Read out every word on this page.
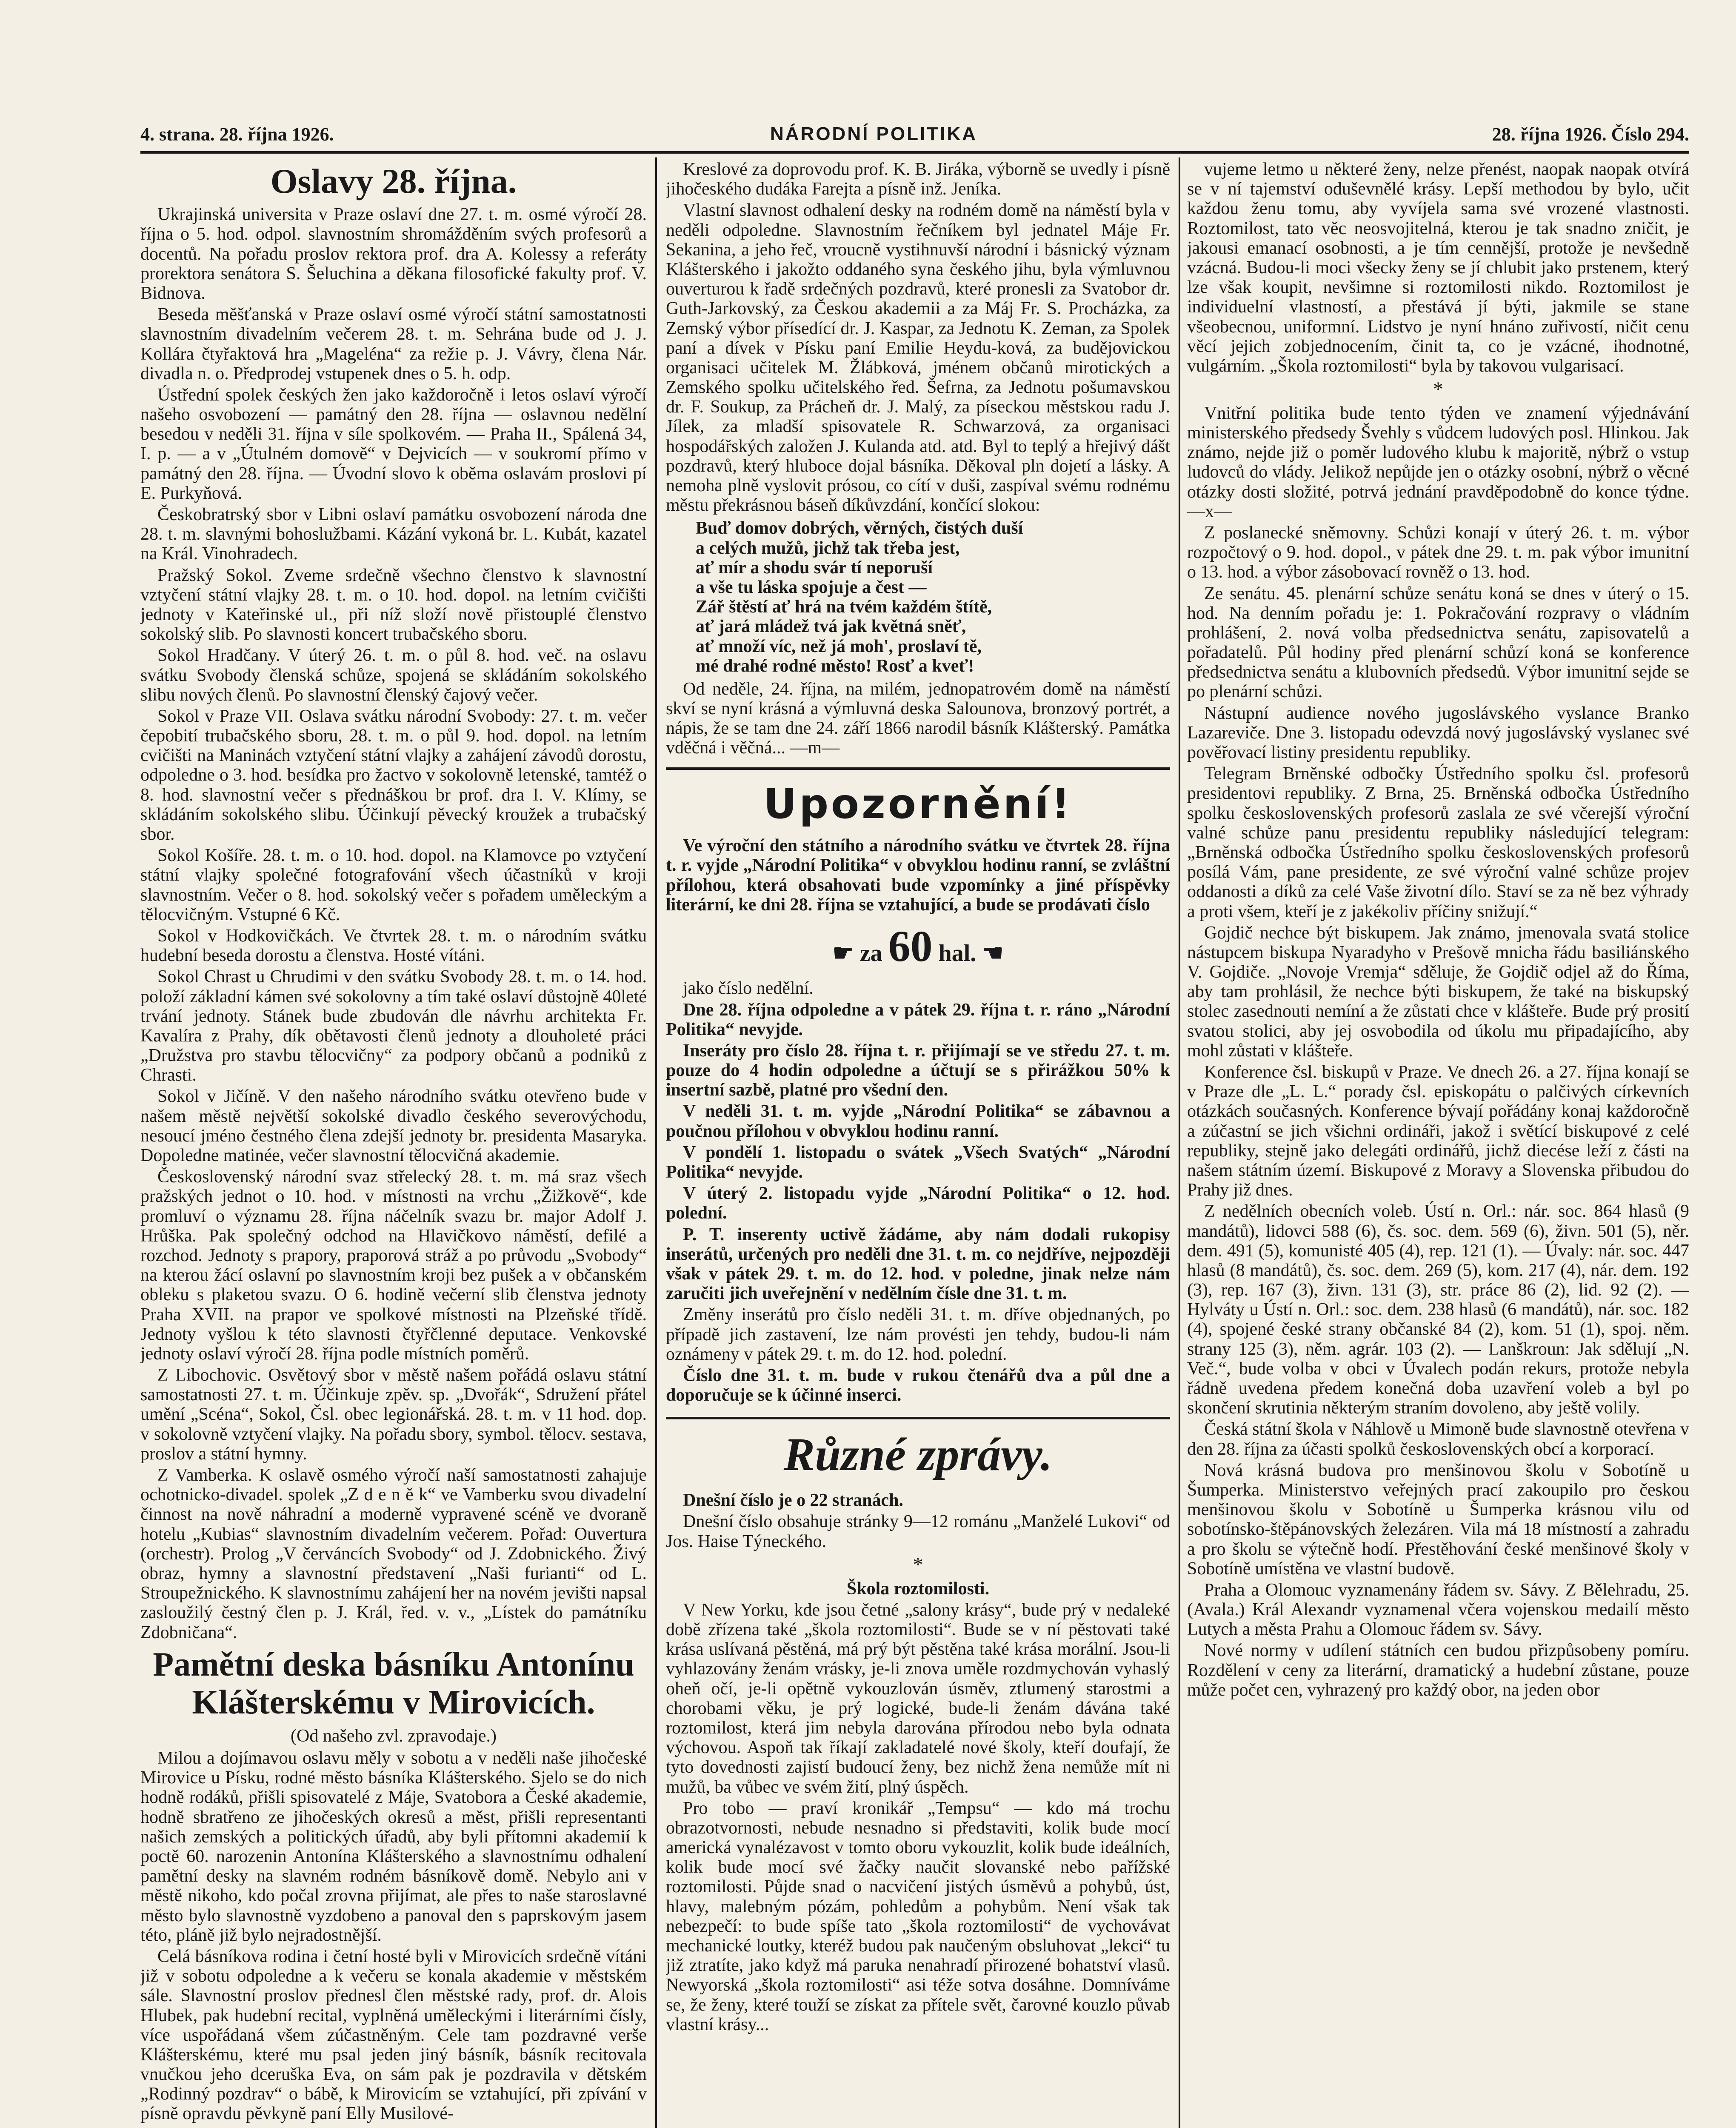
4. strana. 28. října 1926.	NÁRODNÍ POLITIKA	28. října 1926. Číslo 294.
Oslavy 28. října.

Ukrajinská universita v Praze oslaví dne 27. t. m. osmé výročí 28. října o 5. hod. odpol. slavnostním shromážděním svých profesorů a docentů. Na pořadu proslov rektora prof. dra A. Kolessy a referáty prorektora senátora S. Šeluchina a děkana filosofické fakulty prof. V. Bidnova.

Beseda měšťanská v Praze oslaví osmé výročí státní samostatnosti slavnostním divadelním večerem 28. t. m. Sehrána bude od J. J. Kollára čtyřaktová hra „Mageléna“ za režie p. J. Vávry, člena Nár. divadla n. o. Předprodej vstupenek dnes o 5. h. odp.

Ústřední spolek českých žen jako každoročně i letos oslaví výročí našeho osvobození — památný den 28. října — oslavnou nedělní besedou v neděli 31. října v síle spolkovém. — Praha II., Spálená 34, I. p. — a v „Útulném domově“ v Dejvicích — v soukromí přímo v památný den 28. října. — Úvodní slovo k oběma oslavám proslovi pí E. Purkyňová.

Českobratrský sbor v Libni oslaví památku osvobození národa dne 28. t. m. slavnými bohoslužbami. Kázání vykoná br. L. Kubát, kazatel na Král. Vinohradech.

Pražský Sokol. Zveme srdečně všechno členstvo k slavnostní vztyčení státní vlajky 28. t. m. o 10. hod. dopol. na letním cvičišti jednoty v Kateřinské ul., při níž složí nově přistouplé členstvo sokolský slib. Po slavnosti koncert trubačského sboru.

Sokol Hradčany. V úterý 26. t. m. o půl 8. hod. več. na oslavu svátku Svobody členská schůze, spojená se skládáním sokolského slibu nových členů. Po slavnostní členský čajový večer.

Sokol v Praze VII. Oslava svátku národní Svobody: 27. t. m. večer čepobití trubačského sboru, 28. t. m. o půl 9. hod. dopol. na letním cvičišti na Maninách vztyčení státní vlajky a zahájení závodů dorostu, odpoledne o 3. hod. besídka pro žactvo v sokolovně letenské, tamtéž o 8. hod. slavnostní večer s přednáškou br prof. dra I. V. Klímy, se skládáním sokolského slibu. Účinkují pěvecký kroužek a trubačský sbor.

Sokol Košíře. 28. t. m. o 10. hod. dopol. na Klamovce po vztyčení státní vlajky společné fotografování všech účastníků v kroji slavnostním. Večer o 8. hod. sokolský večer s pořadem uměleckým a tělocvičným. Vstupné 6 Kč.

Sokol v Hodkovičkách. Ve čtvrtek 28. t. m. o národním svátku hudební beseda dorostu a členstva. Hosté vítáni.

Sokol Chrast u Chrudimi v den svátku Svobody 28. t. m. o 14. hod. položí základní kámen své sokolovny a tím také oslaví důstojně 40leté trvání jednoty. Stánek bude zbudován dle návrhu architekta Fr. Kavalíra z Prahy, dík obětavosti členů jednoty a dlouholeté práci „Družstva pro stavbu tělocvičny“ za podpory občanů a podniků z Chrasti.

Sokol v Jičíně. V den našeho národního svátku otevřeno bude v našem městě největší sokolské divadlo českého severovýchodu, nesoucí jméno čestného člena zdejší jednoty br. presidenta Masaryka. Dopoledne matinée, večer slavnostní tělocvičná akademie.

Československý národní svaz střelecký 28. t. m. má sraz všech pražských jednot o 10. hod. v místnosti na vrchu „Žižkově“, kde promluví o významu 28. října náčelník svazu br. major Adolf J. Hrůška. Pak společný odchod na Hlavičkovo náměstí, defilé a rozchod. Jednoty s prapory, praporová stráž a po průvodu „Svobody“ na kterou žácí oslavní po slavnostním kroji bez pušek a v občanském obleku s plaketou svazu. O 6. hodině večerní slib členstva jednoty Praha XVII. na prapor ve spolkové místnosti na Plzeňské třídě. Jednoty vyšlou k této slavnosti čtyřčlenné deputace. Venkovské jednoty oslaví výročí 28. října podle místních poměrů.

Z Libochovic. Osvětový sbor v městě našem pořádá oslavu státní samostatnosti 27. t. m. Účinkuje zpěv. sp. „Dvořák“, Sdružení přátel umění „Scéna“, Sokol, Čsl. obec legionářská. 28. t. m. v 11 hod. dop. v sokolovně vztyčení vlajky. Na pořadu sbory, symbol. tělocv. sestava, proslov a státní hymny.

Z Vamberka. K oslavě osmého výročí naší samostatnosti zahajuje ochotnicko-divadel. spolek „Z d e n ě k“ ve Vamberku svou divadelní činnost na nově náhradní a moderně vypravené scéně ve dvoraně hotelu „Kubias“ slavnostním divadelním večerem. Pořad: Ouvertura (orchestr). Prolog „V červáncích Svobody“ od J. Zdobnického. Živý obraz, hymny a slavnostní představení „Naši furianti“ od L. Stroupežnického. K slavnostnímu zahájení her na novém jevišti napsal zasloužilý čestný člen p. J. Král, řed. v. v., „Lístek do památníku Zdobničana“.

Pamětní deska básníku Antonínu Klášterskému v Mirovicích.
(Od našeho zvl. zpravodaje.)

Milou a dojímavou oslavu měly v sobotu a v neděli naše jihočeské Mirovice u Písku, rodné město básníka Klášterského. Sjelo se do nich hodně rodáků, přišli spisovatelé z Máje, Svatobora a České akademie, hodně sbratřeno ze jihočeských okresů a měst, přišli representanti našich zemských a politických úřadů, aby byli přítomni akademií k poctě 60. narozenin Antonína Klášterského a slavnostnímu odhalení pamětní desky na slavném rodném básníkově domě. Nebylo ani v městě nikoho, kdo počal zrovna přijímat, ale přes to naše staroslavné město bylo slavnostně vyzdobeno a panoval den s paprskovým jasem této, pláně již bylo nejradostnější.

Celá básníkova rodina i četní hosté byli v Mirovicích srdečně vítáni již v sobotu odpoledne a k večeru se konala akademie v městském sále. Slavnostní proslov přednesl člen městské rady, prof. dr. Alois Hlubek, pak hudební recital, vyplněná uměleckými i literárními čísly, více uspořádaná všem zúčastněným. Cele tam pozdravné verše Klášterskému, které mu psal jeden jiný básník, básník recitovala vnučkou jeho dceruška Eva, on sám pak je pozdravila v dětském „Rodinný pozdrav“ o bábě, k Mirovicím se vztahující, při zpívání v písně opravdu pěvkyně paní Elly Musilové-

Kreslové za doprovodu prof. K. B. Jiráka, výborně se uvedly i písně jihočeského dudáka Farejta a písně inž. Jeníka.

Vlastní slavnost odhalení desky na rodném domě na náměstí byla v neděli odpoledne. Slavnostním řečníkem byl jednatel Máje Fr. Sekanina, a jeho řeč, vroucně vystihnuvší národní i básnický význam Klášterského i jakožto oddaného syna českého jihu, byla výmluvnou ouverturou k řadě srdečných pozdravů, které pronesli za Svatobor dr. Guth-Jarkovský, za Českou akademii a za Máj Fr. S. Procházka, za Zemský výbor přísedící dr. J. Kaspar, za Jednotu K. Zeman, za Spolek paní a dívek v Písku paní Emilie Heydu-ková, za budějovickou organisaci učitelek M. Žlábková, jménem občanů mirotických a Zemského spolku učitelského řed. Šefrna, za Jednotu pošumavskou dr. F. Soukup, za Prácheň dr. J. Malý, za píseckou městskou radu J. Jílek, za mladší spisovatele R. Schwarzová, za organisaci hospodářských založen J. Kulanda atd. atd. Byl to teplý a hřejivý dášt pozdravů, který hluboce dojal básníka. Děkoval pln dojetí a lásky. A nemoha plně vyslovit prósou, co cítí v duši, zaspíval svému rodnému městu překrásnou báseň díkůvzdání, končící slokou:

Buď domov dobrých, věrných, čistých duší

a celých mužů, jichž tak třeba jest,

ať mír a shodu svár tí neporuší

a vše tu láska spojuje a čest —

Zář štěstí ať hrá na tvém každém štítě,

ať jará mládež tvá jak květná sněť,

ať množí víc, než já moh', proslaví tě,

mé drahé rodné město! Rosť a kveť!

Od neděle, 24. října, na milém, jednopatrovém domě na náměstí skví se nyní krásná a výmluvná deska Salounova, bronzový portrét, a nápis, že se tam dne 24. září 1866 narodil básník Klášterský. Památka vděčná i věčná... —m—

Upozornění!

Ve výroční den státního a národního svátku ve čtvrtek 28. října t. r. vyjde „Národní Politika“ v obvyklou hodinu ranní, se zvláštní přílohou, která obsahovati bude vzpomínky a jiné příspěvky literární, ke dni 28. října se vztahující, a bude se prodávati číslo

☛ za 60 hal. ☚

jako číslo nedělní.

Dne 28. října odpoledne a v pátek 29. října t. r. ráno „Národní Politika“ nevyjde.

Inseráty pro číslo 28. října t. r. přijímají se ve středu 27. t. m. pouze do 4 hodin odpoledne a účtují se s přirážkou 50% k insertní sazbě, platné pro všední den.

V neděli 31. t. m. vyjde „Národní Politika“ se zábavnou a poučnou přílohou v obvyklou hodinu ranní.

V pondělí 1. listopadu o svátek „Všech Svatých“ „Národní Politika“ nevyjde.

V úterý 2. listopadu vyjde „Národní Politika“ o 12. hod. polední.

P. T. inserenty uctivě žádáme, aby nám dodali rukopisy inserátů, určených pro neděli dne 31. t. m. co nejdříve, nejpozději však v pátek 29. t. m. do 12. hod. v poledne, jinak nelze nám zaručiti jich uveřejnění v nedělním čísle dne 31. t. m.

Změny inserátů pro číslo neděli 31. t. m. dříve objednaných, po případě jich zastavení, lze nám provésti jen tehdy, budou-li nám oznámeny v pátek 29. t. m. do 12. hod. polední.

Číslo dne 31. t. m. bude v rukou čtenářů dva a půl dne a doporučuje se k účinné inserci.

Různé zprávy.

Dnešní číslo je o 22 stranách.

Dnešní číslo obsahuje stránky 9—12 románu „Manželé Lukovi“ od Jos. Haise Týneckého.

*

Škola roztomilosti.

V New Yorku, kde jsou četné „salony krásy“, bude prý v nedaleké době zřízena také „škola roztomilosti“. Bude se v ní pěstovati také krása uslívaná pěstěná, má prý být pěstěna také krása morální. Jsou-li vyhlazovány ženám vrásky, je-li znova uměle rozdmychován vyhaslý oheň očí, je-li opětně vykouzlován úsměv, ztlumený starostmi a chorobami věku, je prý logické, bude-li ženám dávána také roztomilost, která jim nebyla darována přírodou nebo byla odnata výchovou. Aspoň tak říkají zakladatelé nové školy, kteří doufají, že tyto dovednosti zajistí budoucí ženy, bez nichž žena nemůže mít ni mužů, ba vůbec ve svém žití, plný úspěch.

Pro tobo — praví kronikář „Tempsu“ — kdo má trochu obrazotvornosti, nebude nesnadno si představiti, kolik bude mocí americká vynalézavost v tomto oboru vykouzlit, kolik bude ideálních, kolik bude mocí své žačky naučit slovanské nebo pařížské roztomilosti. Půjde snad o nacvičení jistých úsměvů a pohybů, úst, hlavy, malebným pózám, pohledům a pohybům. Není však tak nebezpečí: to bude spíše tato „škola roztomilosti“ de vychovávat mechanické loutky, kteréž budou pak naučeným obsluhovat „lekci“ tu již ztratíte, jako když má paruka nenahradí přirozené bohatství vlasů. Newyorská „škola roztomilosti“ asi téže sotva dosáhne. Domníváme se, že ženy, které touží se získat za přítele svět, čarovné kouzlo půvab vlastní krásy...

vujeme letmo u některé ženy, nelze přenést, naopak naopak otvírá se v ní tajemství oduševnělé krásy. Lepší methodou by bylo, učit každou ženu tomu, aby vyvíjela sama své vrozené vlastnosti. Roztomilost, tato věc neosvojitelná, kterou je tak snadno zničit, je jakousi emanací osobnosti, a je tím cennější, protože je nevšedně vzácná. Budou-li moci všecky ženy se jí chlubit jako prstenem, který lze však koupit, nevšimne si roztomilosti nikdo. Roztomilost je individuelní vlastností, a přestává jí býti, jakmile se stane všeobecnou, uniformní. Lidstvo je nyní hnáno zuřivostí, ničit cenu věcí jejich zobjednocením, činit ta, co je vzácné, ihodnotné, vulgárním. „Škola roztomilosti“ byla by takovou vulgarisací.

*

Vnitřní politika bude tento týden ve znamení výjednávání ministerského předsedy Švehly s vůdcem ludových posl. Hlinkou. Jak známo, nejde již o poměr ludového klubu k majoritě, nýbrž o vstup ludovců do vlády. Jelikož nepůjde jen o otázky osobní, nýbrž o věcné otázky dosti složité, potrvá jednání pravděpodobně do konce týdne. —x—

Z poslanecké sněmovny. Schůzi konají v úterý 26. t. m. výbor rozpočtový o 9. hod. dopol., v pátek dne 29. t. m. pak výbor imunitní o 13. hod. a výbor zásobovací rovněž o 13. hod.

Ze senátu. 45. plenární schůze senátu koná se dnes v úterý o 15. hod. Na denním pořadu je: 1. Pokračování rozpravy o vládním prohlášení, 2. nová volba předsednictva senátu, zapisovatelů a pořadatelů. Půl hodiny před plenární schůzí koná se konference předsednictva senátu a klubovních předsedů. Výbor imunitní sejde se po plenární schůzi.

Nástupní audience nového jugoslávského vyslance Branko Lazareviče. Dne 3. listopadu odevzdá nový jugoslávský vyslanec své pověřovací listiny presidentu republiky.

Telegram Brněnské odbočky Ústředního spolku čsl. profesorů presidentovi republiky. Z Brna, 25. Brněnská odbočka Ústředního spolku československých profesorů zaslala ze své včerejší výroční valné schůze panu presidentu republiky následující telegram: „Brněnská odbočka Ústředního spolku československých profesorů posílá Vám, pane presidente, ze své výroční valné schůze projev oddanosti a díků za celé Vaše životní dílo. Staví se za ně bez výhrady a proti všem, kteří je z jakékoliv příčiny snižují.“

Gojdič nechce být biskupem. Jak známo, jmenovala svatá stolice nástupcem biskupa Nyaradyho v Prešově mnicha řádu basiliánského V. Gojdiče. „Novoje Vremja“ sděluje, že Gojdič odjel až do Říma, aby tam prohlásil, že nechce býti biskupem, že také na biskupský stolec zasednouti nemíní a že zůstati chce v klášteře. Bude prý prosití svatou stolici, aby jej osvobodila od úkolu mu připadajícího, aby mohl zůstati v klášteře.

Konference čsl. biskupů v Praze. Ve dnech 26. a 27. října konají se v Praze dle „L. L.“ porady čsl. episkopátu o palčivých církevních otázkách současných. Konference bývají pořádány konaj každoročně a zúčastní se jich všichni ordináři, jakož i světící biskupové z celé republiky, stejně jako delegáti ordinářů, jichž diecése leží z části na našem státním území. Biskupové z Moravy a Slovenska přibudou do Prahy již dnes.

Z nedělních obecních voleb. Ústí n. Orl.: nár. soc. 864 hlasů (9 mandátů), lidovci 588 (6), čs. soc. dem. 569 (6), živn. 501 (5), něr. dem. 491 (5), komunisté 405 (4), rep. 121 (1). — Úvaly: nár. soc. 447 hlasů (8 mandátů), čs. soc. dem. 269 (5), kom. 217 (4), nár. dem. 192 (3), rep. 167 (3), živn. 131 (3), str. práce 86 (2), lid. 92 (2). — Hylváty u Ústí n. Orl.: soc. dem. 238 hlasů (6 mandátů), nár. soc. 182 (4), spojené české strany občanské 84 (2), kom. 51 (1), spoj. něm. strany 125 (3), něm. agrár. 103 (2). — Lanškroun: Jak sdělují „N. Več.“, bude volba v obci v Úvalech podán rekurs, protože nebyla řádně uvedena předem konečná doba uzavření voleb a byl po skončení skrutinia některým straním dovoleno, aby ještě volily.

Česká státní škola v Náhlově u Mimoně bude slavnostně otevřena v den 28. října za účasti spolků československých obcí a korporací.

Nová krásná budova pro menšinovou školu v Sobotíně u Šumperka. Ministerstvo veřejných prací zakoupilo pro českou menšinovou školu v Sobotíně u Šumperka krásnou vilu od sobotínsko-štěpánovských železáren. Vila má 18 místností a zahradu a pro školu se výtečně hodí. Přestěhování české menšinové školy v Sobotíně umístěna ve vlastní budově.

Praha a Olomouc vyznamenány řádem sv. Sávy. Z Bělehradu, 25. (Avala.) Král Alexandr vyznamenal včera vojenskou medailí město Lutych a města Prahu a Olomouc řádem sv. Sávy.

Nové normy v udílení státních cen budou přizpůsobeny pomíru. Rozdělení v ceny za literární, dramatický a hudební zůstane, pouze může počet cen, vyhrazený pro každý obor, na jeden obor
